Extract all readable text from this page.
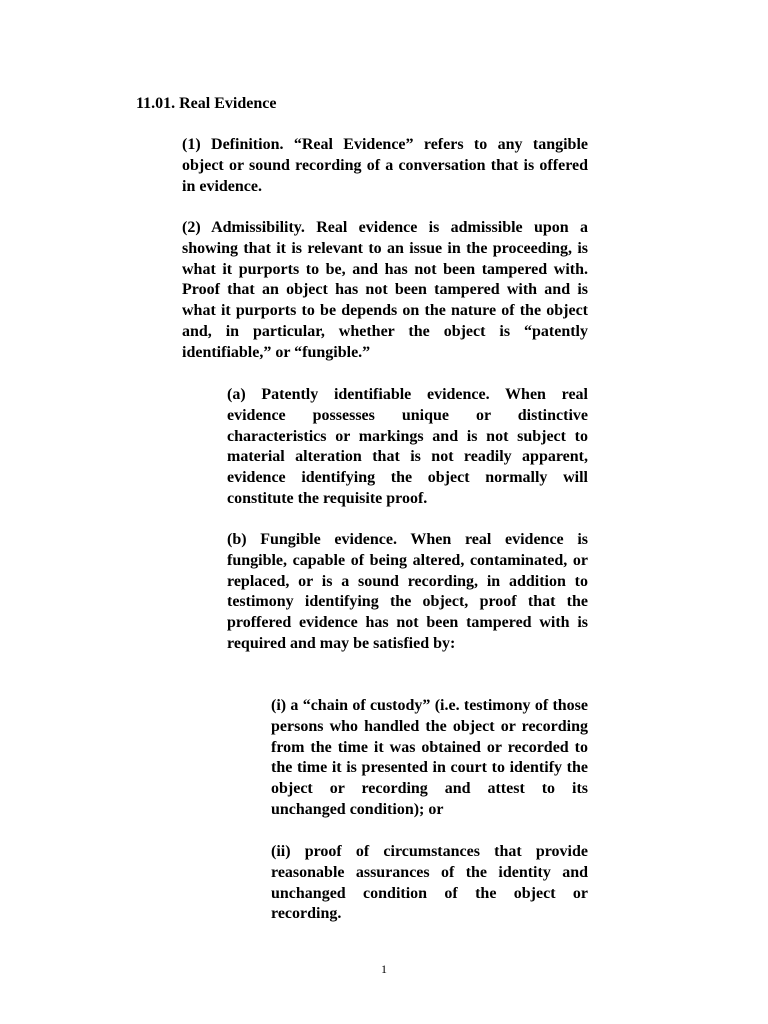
11.01. Real Evidence

(1) Definition. “Real Evidence” refers to any tangible object or sound recording of a conversation that is offered in evidence.

(2) Admissibility. Real evidence is admissible upon a showing that it is relevant to an issue in the proceeding, is what it purports to be, and has not been tampered with. Proof that an object has not been tampered with and is what it purports to be depends on the nature of the object and, in particular, whether the object is “patently identifiable,” or “fungible.”

(a) Patently identifiable evidence. When real evidence possesses unique or distinctive characteristics or markings and is not subject to material alteration that is not readily apparent, evidence identifying the object normally will constitute the requisite proof.

(b) Fungible evidence. When real evidence is fungible, capable of being altered, contaminated, or replaced, or is a sound recording, in addition to testimony identifying the object, proof that the proffered evidence has not been tampered with is required and may be satisfied by:

(i) a “chain of custody” (i.e. testimony of those persons who handled the object or recording from the time it was obtained or recorded to the time it is presented in court to identify the object or recording and attest to its unchanged condition); or

(ii) proof of circumstances that provide reasonable assurances of the identity and unchanged condition of the object or recording.

1
